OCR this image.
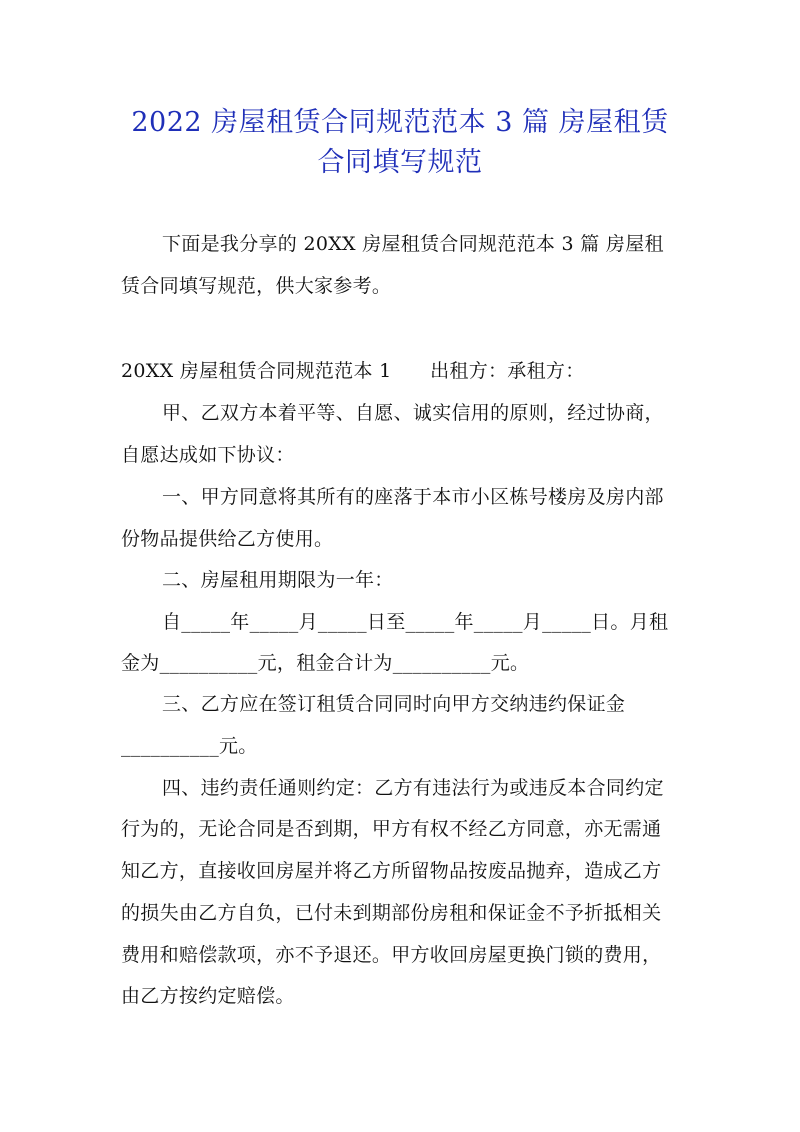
2022 房屋租赁合同规范范本 3 篇 房屋租赁
合同填写规范
下面是我分享的 20XX 房屋租赁合同规范范本 3 篇 房屋租
赁合同填写规范，供大家参考。
20XX 房屋租赁合同规范范本 1　　出租方：承租方：
甲、乙双方本着平等、自愿、诚实信用的原则，经过协商，
自愿达成如下协议：
一、甲方同意将其所有的座落于本市小区栋号楼房及房内部
份物品提供给乙方使用。
二、房屋租用期限为一年：
自_____年_____月_____日至_____年_____月_____日。月租
金为__________元，租金合计为__________元。
三、乙方应在签订租赁合同同时向甲方交纳违约保证金
__________元。
四、违约责任通则约定：乙方有违法行为或违反本合同约定
行为的，无论合同是否到期，甲方有权不经乙方同意，亦无需通
知乙方，直接收回房屋并将乙方所留物品按废品抛弃，造成乙方
的损失由乙方自负，已付未到期部份房租和保证金不予折抵相关
费用和赔偿款项，亦不予退还。甲方收回房屋更换门锁的费用，
由乙方按约定赔偿。
